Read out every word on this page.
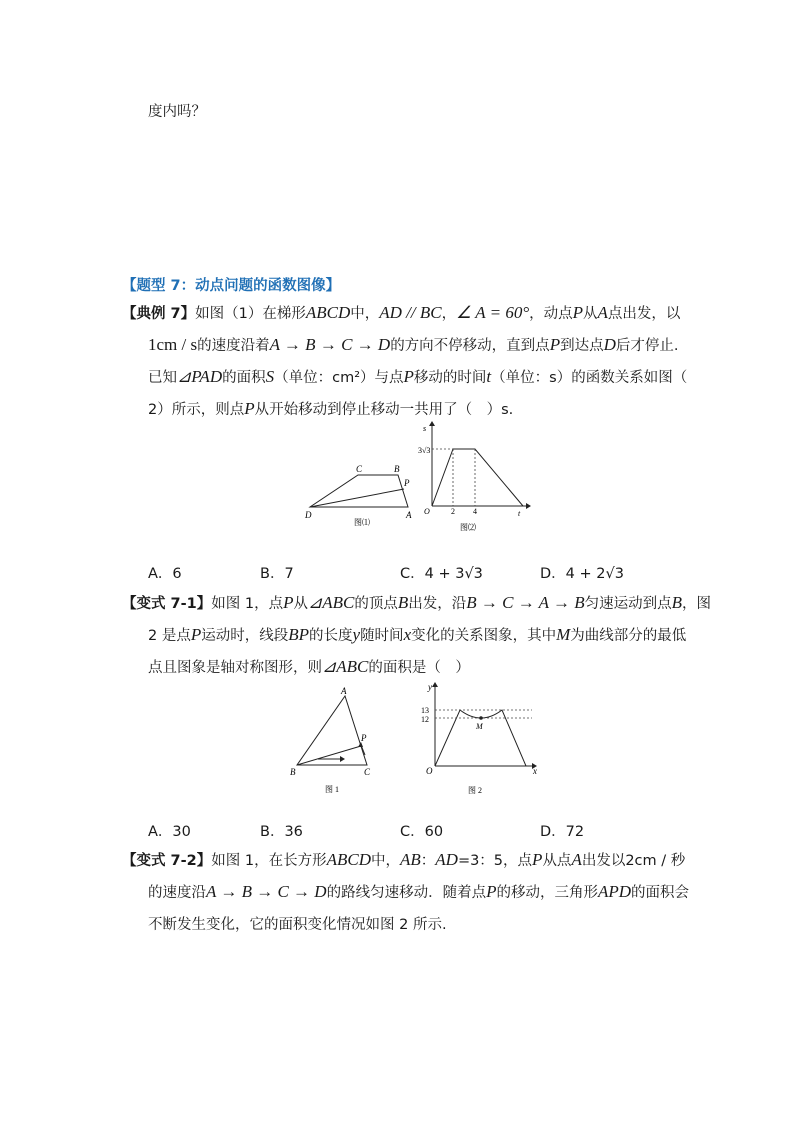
度内吗？
【题型 7：动点问题的函数图像】
【典例 7】如图（1）在梯形ABCD中，AD // BC，∠ A = 60°，动点P从A点出发，以
1cm / s的速度沿着A → B → C → D的方向不停移动，直到点P到达点D后才停止.
已知⊿PAD的面积S（单位：cm²）与点P移动的时间t（单位：s）的函数关系如图（
2）所示，则点P从开始移动到停止移动一共用了（　）s.
C	B
P
D	A
图⑴
s
3√3
O	2 4	t
图⑵
A．6	B．7	C．4 + 3√3	D．4 + 2√3
【变式 7-1】如图 1，点P从⊿ABC的顶点B出发，沿B → C → A → B匀速运动到点B，图
2 是点P运动时，线段BP的长度y随时间x变化的关系图象，其中M为曲线部分的最低
点且图象是轴对称图形，则⊿ABC的面积是（　）
A
P
B	C
图 1
y
13
12
M
O	x
图 2
A．30	B．36	C．60	D．72
【变式 7-2】如图 1，在长方形ABCD中，AB：AD=3：5，点P从点A出发以2cm / 秒
的速度沿A → B → C → D的路线匀速移动．随着点P的移动，三角形APD的面积会
不断发生变化，它的面积变化情况如图 2 所示.
